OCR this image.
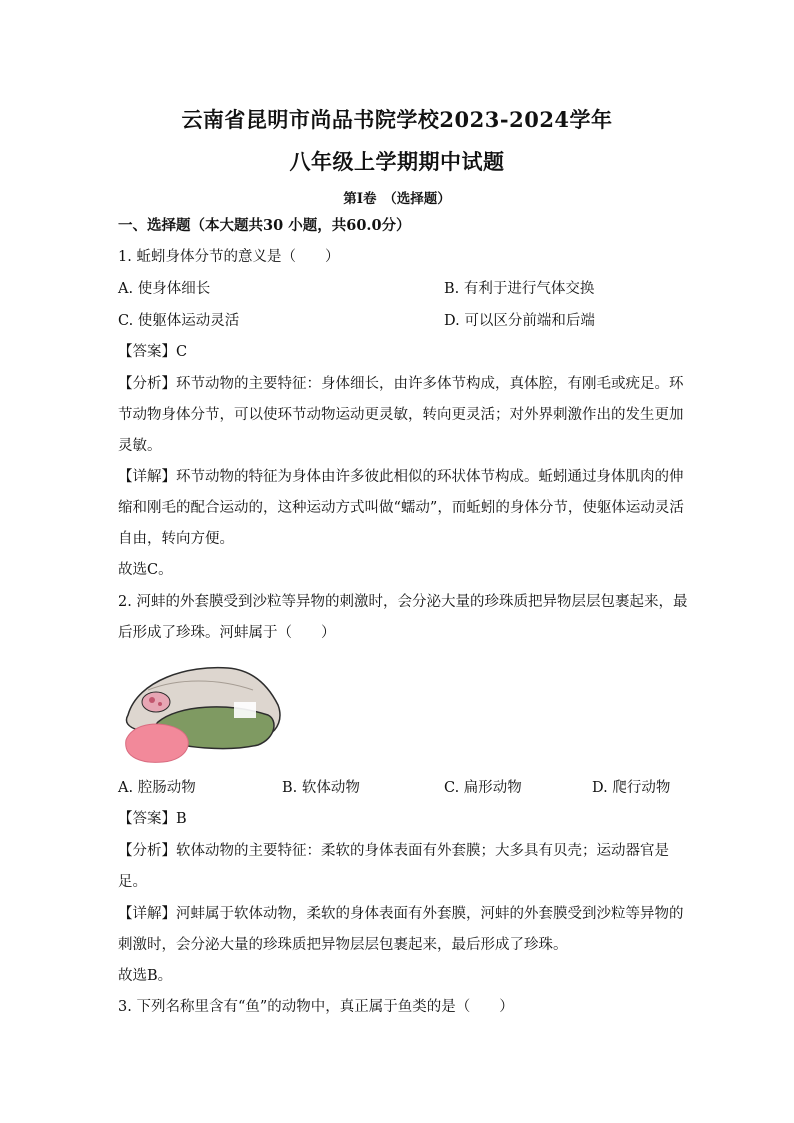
云南省昆明市尚品书院学校2023-2024学年
八年级上学期期中试题
第Ⅰ卷　（选择题）
一、选择题（本大题共30 小题，共60.0分）
1. 蚯蚓身体分节的意义是（　　）
A. 使身体细长	B. 有利于进行气体交换
C. 使躯体运动灵活	D. 可以区分前端和后端
【答案】C
【分析】环节动物的主要特征：身体细长，由许多体节构成，真体腔，有刚毛或疣足。环
节动物身体分节，可以使环节动物运动更灵敏，转向更灵活；对外界刺激作出的发生更加
灵敏。
【详解】环节动物的特征为身体由许多彼此相似的环状体节构成。蚯蚓通过身体肌肉的伸
缩和刚毛的配合运动的，这种运动方式叫做“蠕动”，而蚯蚓的身体分节，使躯体运动灵活
自由，转向方便。
故选C。
2. 河蚌的外套膜受到沙粒等异物的刺激时，会分泌大量的珍珠质把异物层层包裹起来，最
后形成了珍珠。河蚌属于（　　）
A. 腔肠动物	B. 软体动物	C. 扁形动物	D. 爬行动物
【答案】B
【分析】软体动物的主要特征：柔软的身体表面有外套膜；大多具有贝壳；运动器官是
足。
【详解】河蚌属于软体动物，柔软的身体表面有外套膜，河蚌的外套膜受到沙粒等异物的
刺激时，会分泌大量的珍珠质把异物层层包裹起来，最后形成了珍珠。
故选B。
3. 下列名称里含有“鱼”的动物中，真正属于鱼类的是（　　）
